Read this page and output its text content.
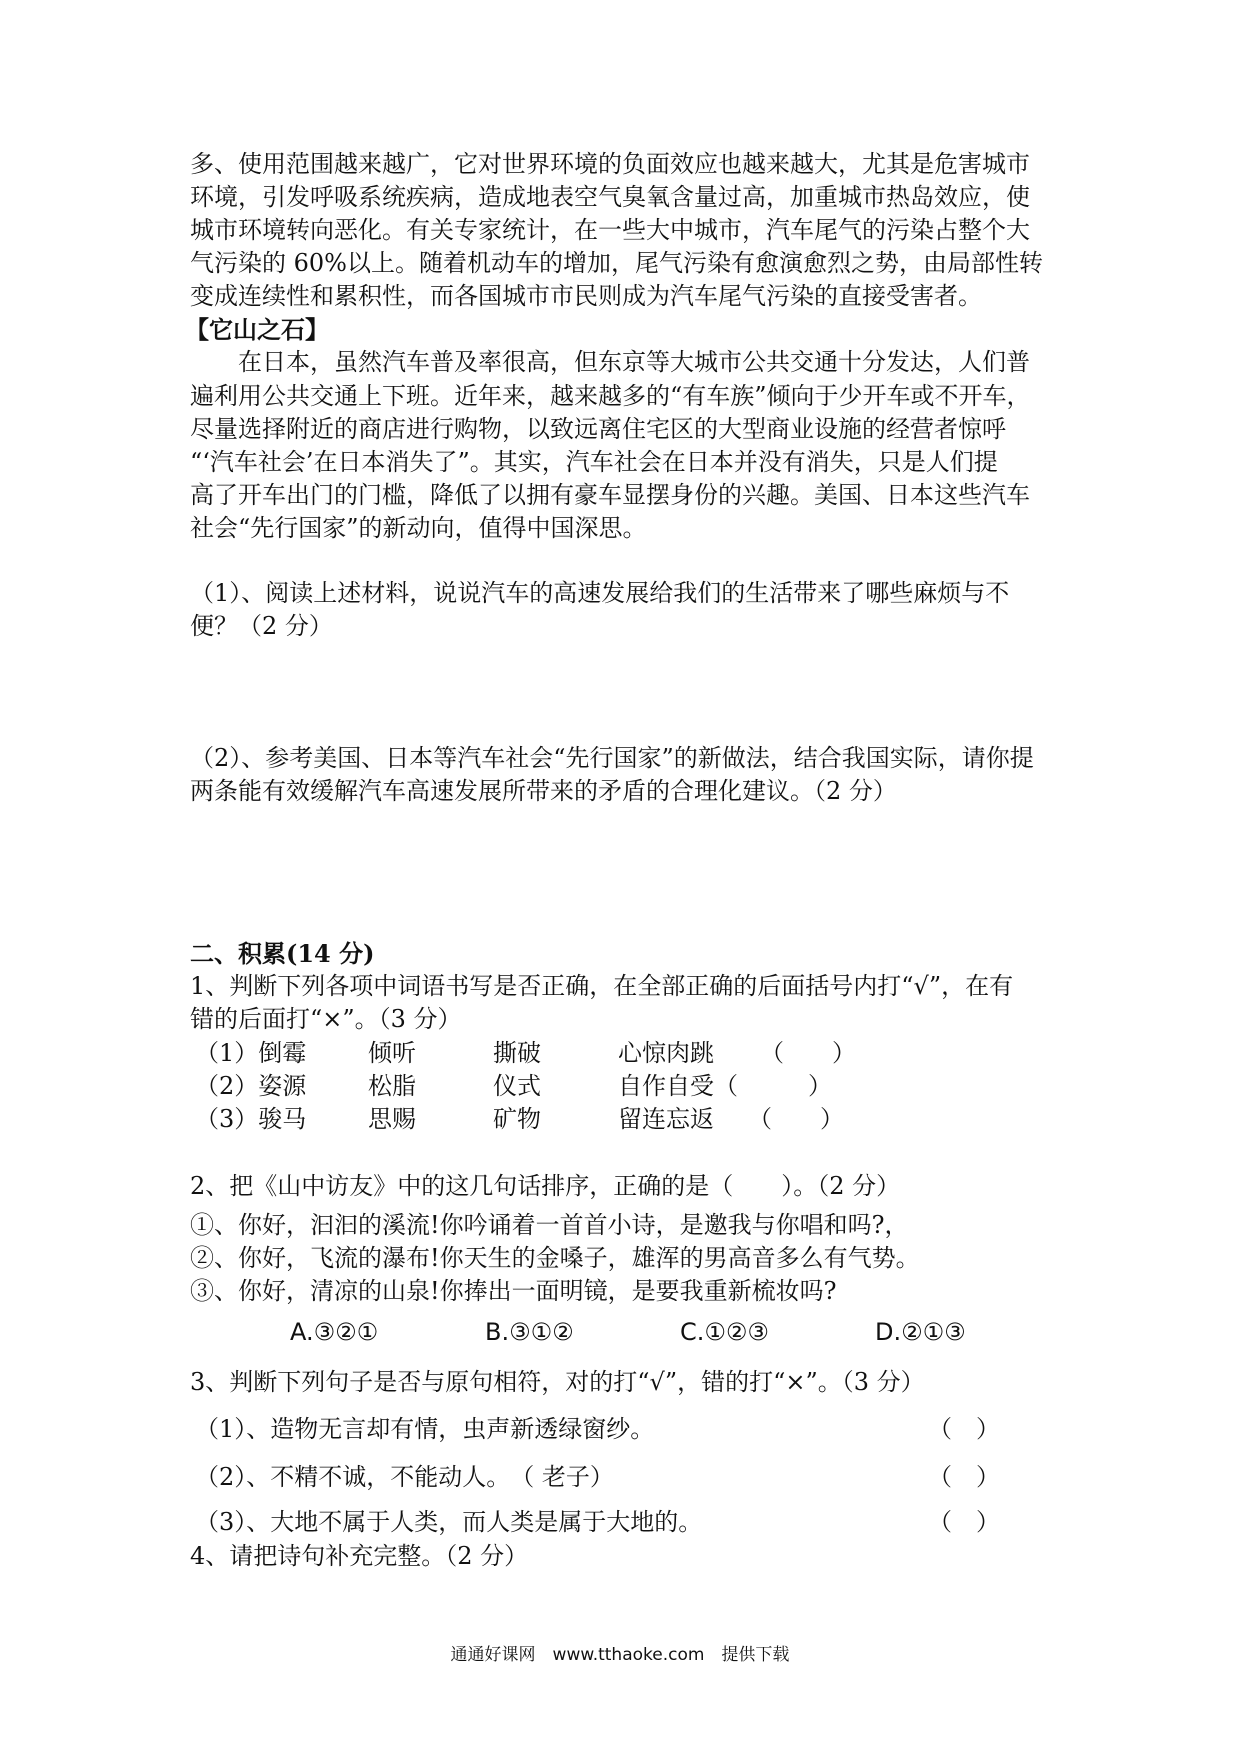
多、使用范围越来越广，它对世界环境的负面效应也越来越大，尤其是危害城市
环境，引发呼吸系统疾病，造成地表空气臭氧含量过高，加重城市热岛效应，使
城市环境转向恶化。有关专家统计，在一些大中城市，汽车尾气的污染占整个大
气污染的 60%以上。随着机动车的增加，尾气污染有愈演愈烈之势，由局部性转
变成连续性和累积性，而各国城市市民则成为汽车尾气污染的直接受害者。
【它山之石】
在日本，虽然汽车普及率很高，但东京等大城市公共交通十分发达，人们普
遍利用公共交通上下班。近年来，越来越多的“有车族”倾向于少开车或不开车，
尽量选择附近的商店进行购物，以致远离住宅区的大型商业设施的经营者惊呼
“‘汽车社会’在日本消失了”。其实，汽车社会在日本并没有消失，只是人们提
高了开车出门的门槛，降低了以拥有豪车显摆身份的兴趣。美国、日本这些汽车
社会“先行国家”的新动向，值得中国深思。
（1）、阅读上述材料，说说汽车的高速发展给我们的生活带来了哪些麻烦与不
便？（2 分）
（2）、参考美国、日本等汽车社会“先行国家”的新做法，结合我国实际，请你提
两条能有效缓解汽车高速发展所带来的矛盾的合理化建议。（2 分）
二、积累(14 分)
1、判断下列各项中词语书写是否正确，在全部正确的后面括号内打“√”，在有
错的后面打“×”。（3 分）
（1）倒霉	倾听	撕破	心惊肉跳 （　　）
（2）姿源	松脂	仪式	自作自受（ 　　）
（3）骏马	思赐	矿物	留连忘返 （　　）
2、把《山中访友》中的这几句话排序，正确的是（　　）。（2 分）
①、你好，汩汩的溪流!你吟诵着一首首小诗，是邀我与你唱和吗?，
②、你好，飞流的瀑布!你天生的金嗓子，雄浑的男高音多么有气势。
③、你好，清凉的山泉!你捧出一面明镜，是要我重新梳妆吗?
A.③②①	B.③①②	C.①②③	D.②①③
3、判断下列句子是否与原句相符，对的打“√”，错的打“×”。（3 分）
（1）、造物无言却有情，虫声新透绿窗纱。	（　）
（2）、不精不诚，不能动人。　（ 老子）	（　）
（3）、大地不属于人类，而人类是属于大地的。	（　）
4、请把诗句补充完整。（2 分）
通通好课网　www.tthaoke.com　提供下载
